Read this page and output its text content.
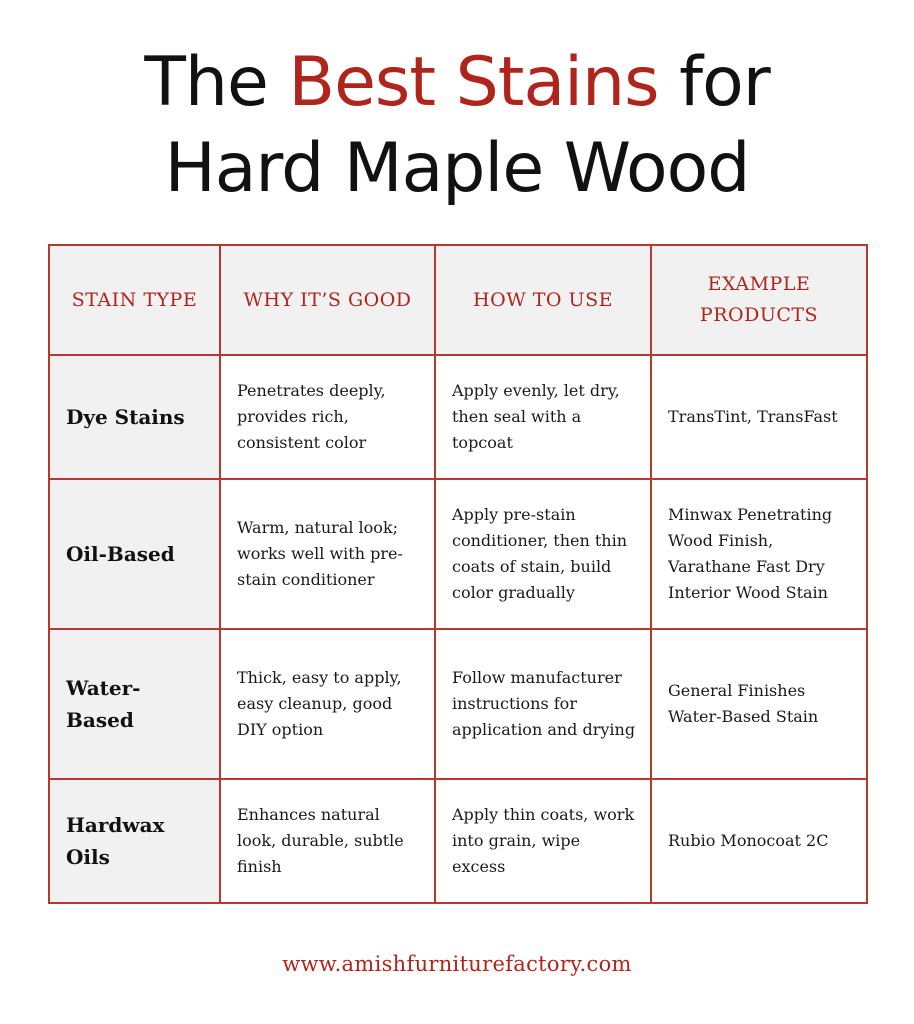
The Best Stains for
Hard Maple Wood
STAIN TYPE	WHY IT’S GOOD	HOW TO USE	EXAMPLE PRODUCTS
Dye Stains	Penetrates deeply, provides rich, consistent color	Apply evenly, let dry, then seal with a topcoat	TransTint, TransFast
Oil-Based	Warm, natural look; works well with pre-stain conditioner	Apply pre-stain conditioner, then thin coats of stain, build color gradually	Minwax Penetrating Wood Finish, Varathane Fast Dry Interior Wood Stain
Water-Based	Thick, easy to apply, easy cleanup, good DIY option	Follow manufacturer instructions for application and drying	General Finishes Water-Based Stain
Hardwax Oils	Enhances natural look, durable, subtle finish	Apply thin coats, work into grain, wipe excess	Rubio Monocoat 2C
www.amishfurniturefactory.com
